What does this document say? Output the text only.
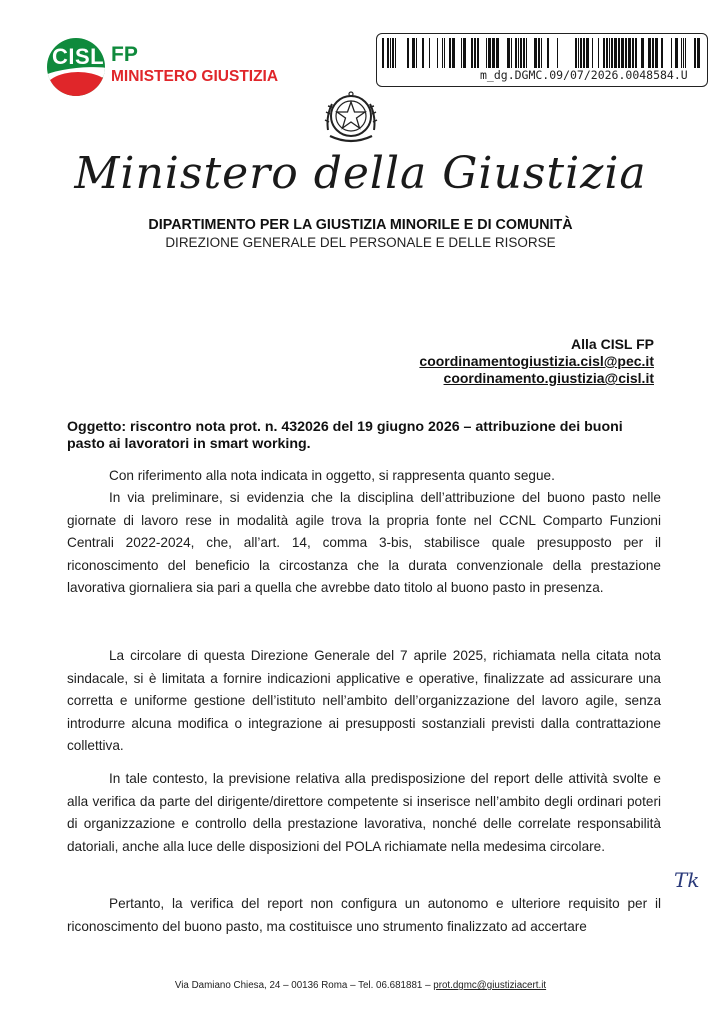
CISL FP
MINISTERO GIUSTIZIA	m_dg.DGMC.09/07/2026.0048584.U
Ministero della Giustizia
DIPARTIMENTO PER LA GIUSTIZIA MINORILE E DI COMUNITÀ
DIREZIONE GENERALE DEL PERSONALE E DELLE RISORSE
Alla CISL FP
coordinamentogiustizia.cisl@pec.it
coordinamento.giustizia@cisl.it
Oggetto: riscontro nota prot. n. 432026 del 19 giugno 2026 – attribuzione dei buoni pasto ai lavoratori in smart working.
Con riferimento alla nota indicata in oggetto, si rappresenta quanto segue.
In via preliminare, si evidenzia che la disciplina dell’attribuzione del buono pasto nelle giornate di lavoro rese in modalità agile trova la propria fonte nel CCNL Comparto Funzioni Centrali 2022-2024, che, all’art. 14, comma 3-bis, stabilisce quale presupposto per il riconoscimento del beneficio la circostanza che la durata convenzionale della prestazione lavorativa giornaliera sia pari a quella che avrebbe dato titolo al buono pasto in presenza.
La circolare di questa Direzione Generale del 7 aprile 2025, richiamata nella citata nota sindacale, si è limitata a fornire indicazioni applicative e operative, finalizzate ad assicurare una corretta e uniforme gestione dell’istituto nell’ambito dell’organizzazione del lavoro agile, senza introdurre alcuna modifica o integrazione ai presupposti sostanziali previsti dalla contrattazione collettiva.
In tale contesto, la previsione relativa alla predisposizione del report delle attività svolte e alla verifica da parte del dirigente/direttore competente si inserisce nell’ambito degli ordinari poteri di organizzazione e controllo della prestazione lavorativa, nonché delle correlate responsabilità datoriali, anche alla luce delle disposizioni del POLA richiamate nella medesima circolare.
Pertanto, la verifica del report non configura un autonomo e ulteriore requisito per il riconoscimento del buono pasto, ma costituisce uno strumento finalizzato ad accertare
Tk
Via Damiano Chiesa, 24 – 00136 Roma – Tel. 06.681881 – prot.dgmc@giustiziacert.it
